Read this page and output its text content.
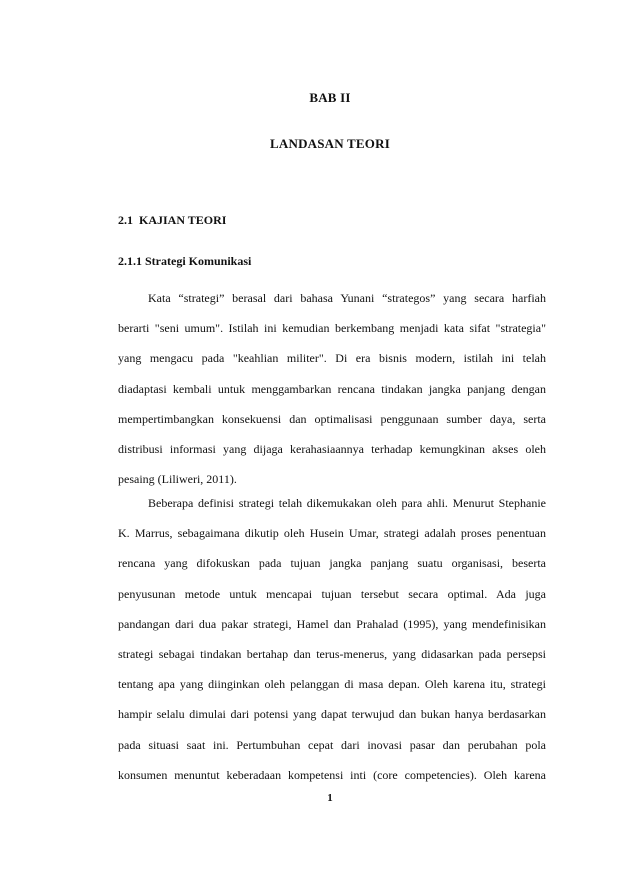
BAB II
LANDASAN TEORI
2.1  KAJIAN TEORI
2.1.1 Strategi Komunikasi
Kata “strategi” berasal dari bahasa Yunani “strategos” yang secara harfiah
berarti "seni umum". Istilah ini kemudian berkembang menjadi kata sifat "strategia"
yang mengacu pada "keahlian militer". Di era bisnis modern, istilah ini telah
diadaptasi kembali untuk menggambarkan rencana tindakan jangka panjang dengan
mempertimbangkan konsekuensi dan optimalisasi penggunaan sumber daya, serta
distribusi informasi yang dijaga kerahasiaannya terhadap kemungkinan akses oleh
pesaing (Liliweri, 2011).
Beberapa definisi strategi telah dikemukakan oleh para ahli. Menurut Stephanie
K. Marrus, sebagaimana dikutip oleh Husein Umar, strategi adalah proses penentuan
rencana yang difokuskan pada tujuan jangka panjang suatu organisasi, beserta
penyusunan metode untuk mencapai tujuan tersebut secara optimal. Ada juga
pandangan dari dua pakar strategi, Hamel dan Prahalad (1995), yang mendefinisikan
strategi sebagai tindakan bertahap dan terus-menerus, yang didasarkan pada persepsi
tentang apa yang diinginkan oleh pelanggan di masa depan. Oleh karena itu, strategi
hampir selalu dimulai dari potensi yang dapat terwujud dan bukan hanya berdasarkan
pada situasi saat ini. Pertumbuhan cepat dari inovasi pasar dan perubahan pola
konsumen menuntut keberadaan kompetensi inti (core competencies). Oleh karena
1
